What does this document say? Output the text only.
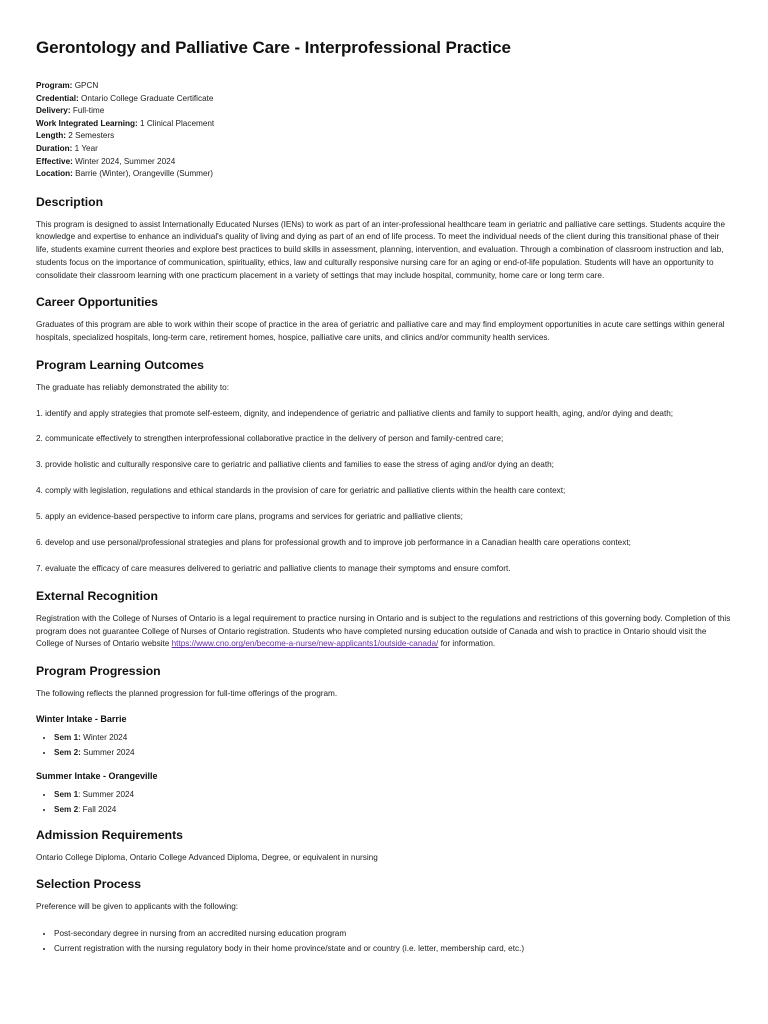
Gerontology and Palliative Care - Interprofessional Practice
Program: GPCN
Credential: Ontario College Graduate Certificate
Delivery: Full-time
Work Integrated Learning: 1 Clinical Placement
Length: 2 Semesters
Duration: 1 Year
Effective: Winter 2024, Summer 2024
Location: Barrie (Winter), Orangeville (Summer)
Description

This program is designed to assist Internationally Educated Nurses (IENs) to work as part of an inter-professional healthcare team in geriatric and palliative care settings. Students acquire the knowledge and expertise to enhance an individual's quality of living and dying as part of an end of life process. To meet the individual needs of the client during this transitional phase of their life, students examine current theories and explore best practices to build skills in assessment, planning, intervention, and evaluation. Through a combination of classroom instruction and lab, students focus on the importance of communication, spirituality, ethics, law and culturally responsive nursing care for an aging or end-of-life population. Students will have an opportunity to consolidate their classroom learning with one practicum placement in a variety of settings that may include hospital, community, home care or long term care.

Career Opportunities

Graduates of this program are able to work within their scope of practice in the area of geriatric and palliative care and may find employment opportunities in acute care settings within general hospitals, specialized hospitals, long-term care, retirement homes, hospice, palliative care units, and clinics and/or community health services.

Program Learning Outcomes

The graduate has reliably demonstrated the ability to:

1. identify and apply strategies that promote self-esteem, dignity, and independence of geriatric and palliative clients and family to support health, aging, and/or dying and death;

2. communicate effectively to strengthen interprofessional collaborative practice in the delivery of person and family-centred care;

3. provide holistic and culturally responsive care to geriatric and palliative clients and families to ease the stress of aging and/or dying an death;

4. comply with legislation, regulations and ethical standards in the provision of care for geriatric and palliative clients within the health care context;

5. apply an evidence-based perspective to inform care plans, programs and services for geriatric and palliative clients;

6. develop and use personal/professional strategies and plans for professional growth and to improve job performance in a Canadian health care operations context;

7. evaluate the efficacy of care measures delivered to geriatric and palliative clients to manage their symptoms and ensure comfort.

External Recognition

Registration with the College of Nurses of Ontario is a legal requirement to practice nursing in Ontario and is subject to the regulations and restrictions of this governing body. Completion of this program does not guarantee College of Nurses of Ontario registration. Students who have completed nursing education outside of Canada and wish to practice in Ontario should visit the College of Nurses of Ontario website https://www.cno.org/en/become-a-nurse/new-applicants1/outside-canada/ for information.

Program Progression

The following reflects the planned progression for full-time offerings of the program.

Winter Intake - Barrie
• Sem 1: Winter 2024
• Sem 2: Summer 2024
Summer Intake - Orangeville
• Sem 1: Summer 2024
• Sem 2: Fall 2024
Admission Requirements

Ontario College Diploma, Ontario College Advanced Diploma, Degree, or equivalent in nursing

Selection Process

Preference will be given to applicants with the following:

• Post-secondary degree in nursing from an accredited nursing education program
• Current registration with the nursing regulatory body in their home province/state and or country (i.e. letter, membership card, etc.)
